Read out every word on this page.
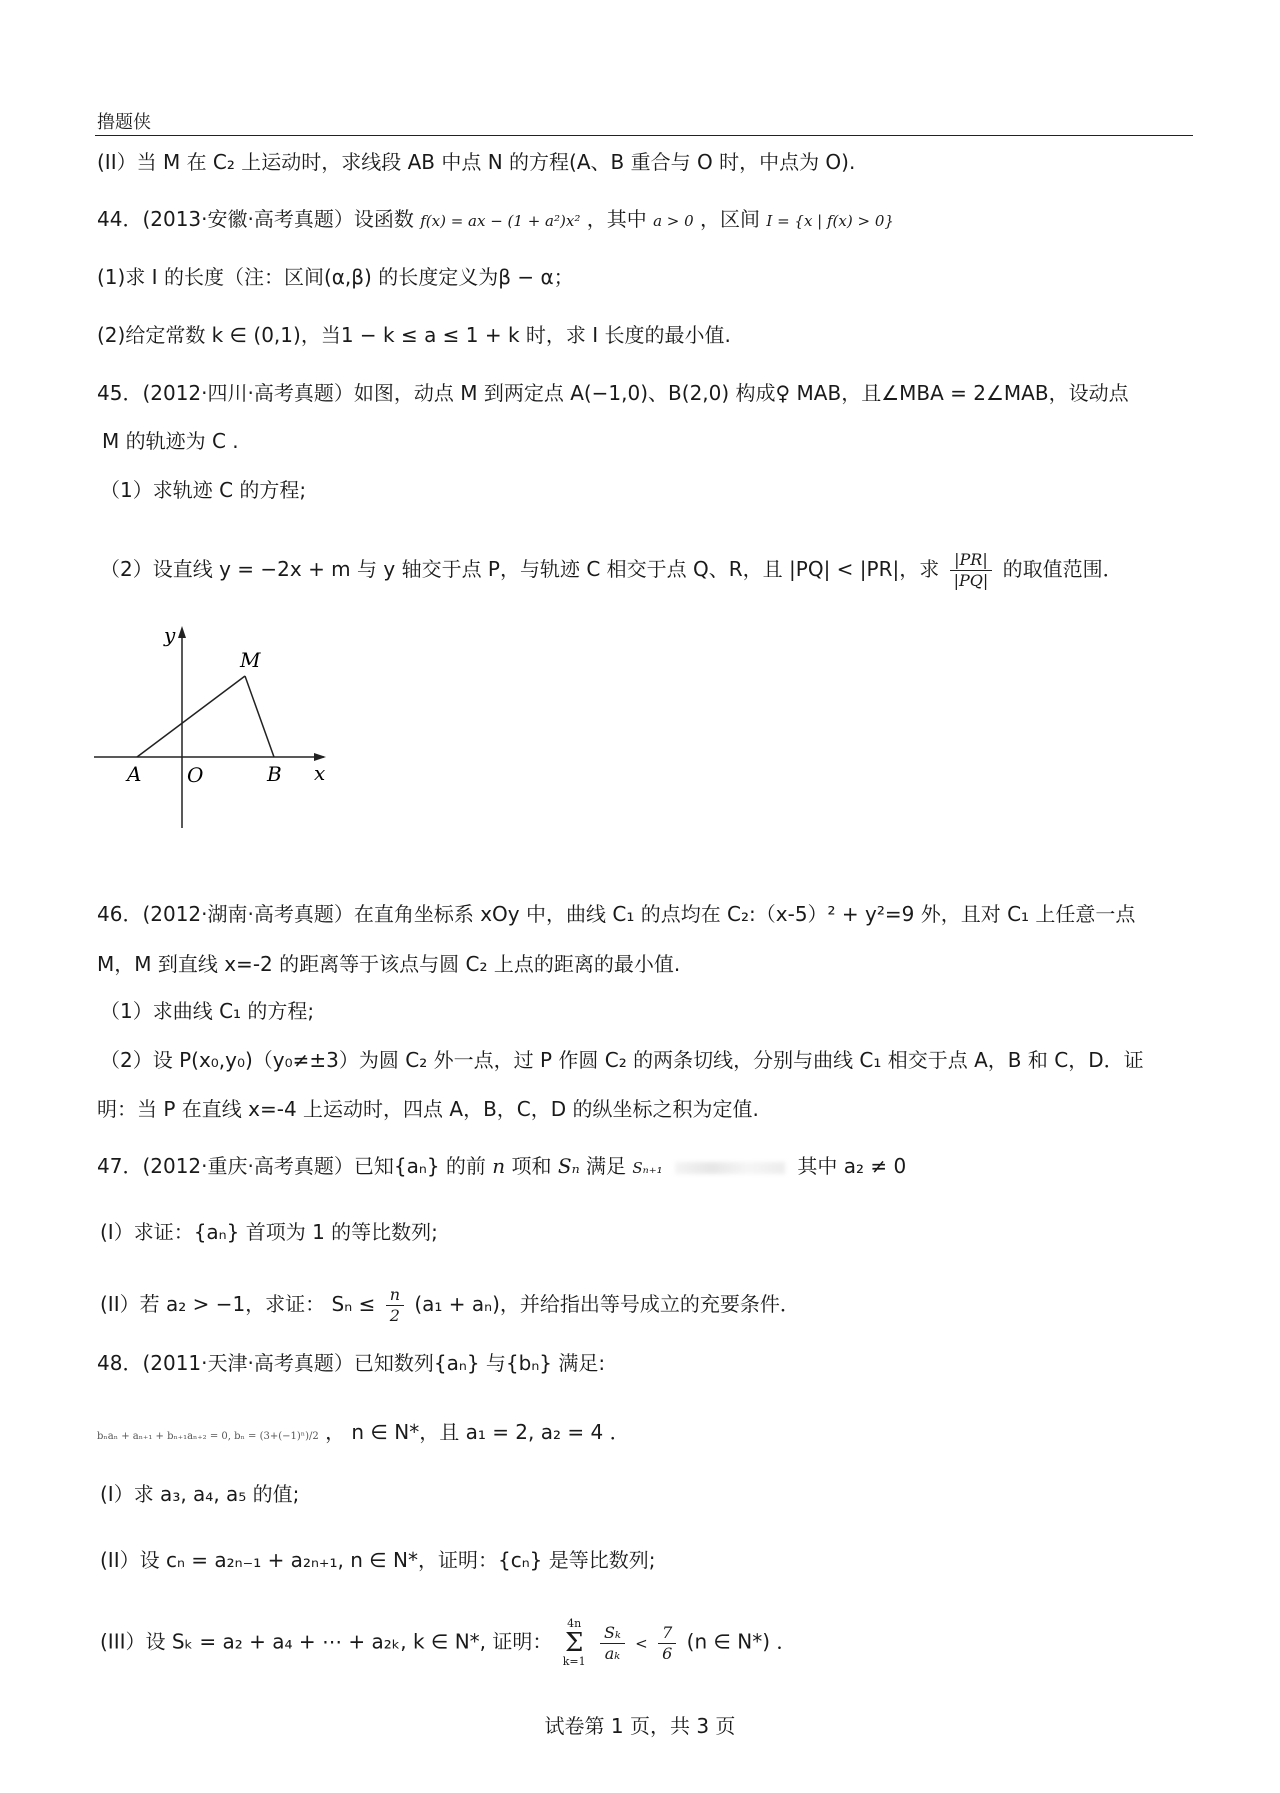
撸题侠
(II）当 M 在 C₂ 上运动时，求线段 AB 中点 N 的方程(A、B 重合与 O 时，中点为 O).
44．(2013·安徽·高考真题）设函数 f(x) = ax − (1 + a²)x² ，其中 a > 0 ，区间 I = {x | f(x) > 0}
(1)求 I 的长度（注：区间(α,β) 的长度定义为β − α；
(2)给定常数 k ∈ (0,1)，当1 − k ≤ a ≤ 1 + k 时，求 I 长度的最小值.
45．(2012·四川·高考真题）如图，动点 M 到两定点 A(−1,0)、B(2,0) 构成♀ MAB，且∠MBA = 2∠MAB，设动点
M 的轨迹为 C .
（1）求轨迹 C 的方程;
（2）设直线 y = −2x + m 与 y 轴交于点 P，与轨迹 C 相交于点 Q、R，且 |PQ| < |PR|，求 $\frac{|PR|}{|PQ|}$ 的取值范围．
y
M
A O	B x
46．(2012·湖南·高考真题）在直角坐标系 xOy 中，曲线 C₁ 的点均在 C₂:（x-5）² + y²=9 外，且对 C₁ 上任意一点
M，M 到直线 x=-2 的距离等于该点与圆 C₂ 上点的距离的最小值.
（1）求曲线 C₁ 的方程;
（2）设 P(x₀,y₀)（y₀≠±3）为圆 C₂ 外一点，过 P 作圆 C₂ 的两条切线，分别与曲线 C₁ 相交于点 A，B 和 C，D．证
明：当 P 在直线 x=-4 上运动时，四点 A，B，C，D 的纵坐标之积为定值.
47．(2012·重庆·高考真题）已知{aₙ} 的前 n 项和 Sₙ 满足 Sₙ₊₁	其中 a₂ ≠ 0
(I）求证：{aₙ} 首项为 1 的等比数列;
(II）若 a₂ > −1，求证： $S_n \le \frac{n}{2} (a_1 + a_n)$，并给指出等号成立的充要条件．
48．(2011·天津·高考真题）已知数列{aₙ} 与{bₙ} 满足:
bₙaₙ + aₙ₊₁ + bₙ₊₁aₙ₊₂ = 0, bₙ = (3+(−1)ⁿ)/2 ， n ∈ N*，且 a₁ = 2, a₂ = 4 ．
(I）求 a₃, a₄, a₅ 的值;
(II）设 cₙ = a₂ₙ₋₁ + a₂ₙ₊₁, n ∈ N*，证明：{cₙ} 是等比数列;
(III）设 Sₖ = a₂ + a₄ + ⋯ + a₂ₖ, k ∈ N*, 证明：
4n
Σ
k=1
$\frac{\text{Sₖ}}{\text{aₖ}} < \frac{7}{6} (n$ ∈ N*) ．
试卷第 1 页，共 3 页
